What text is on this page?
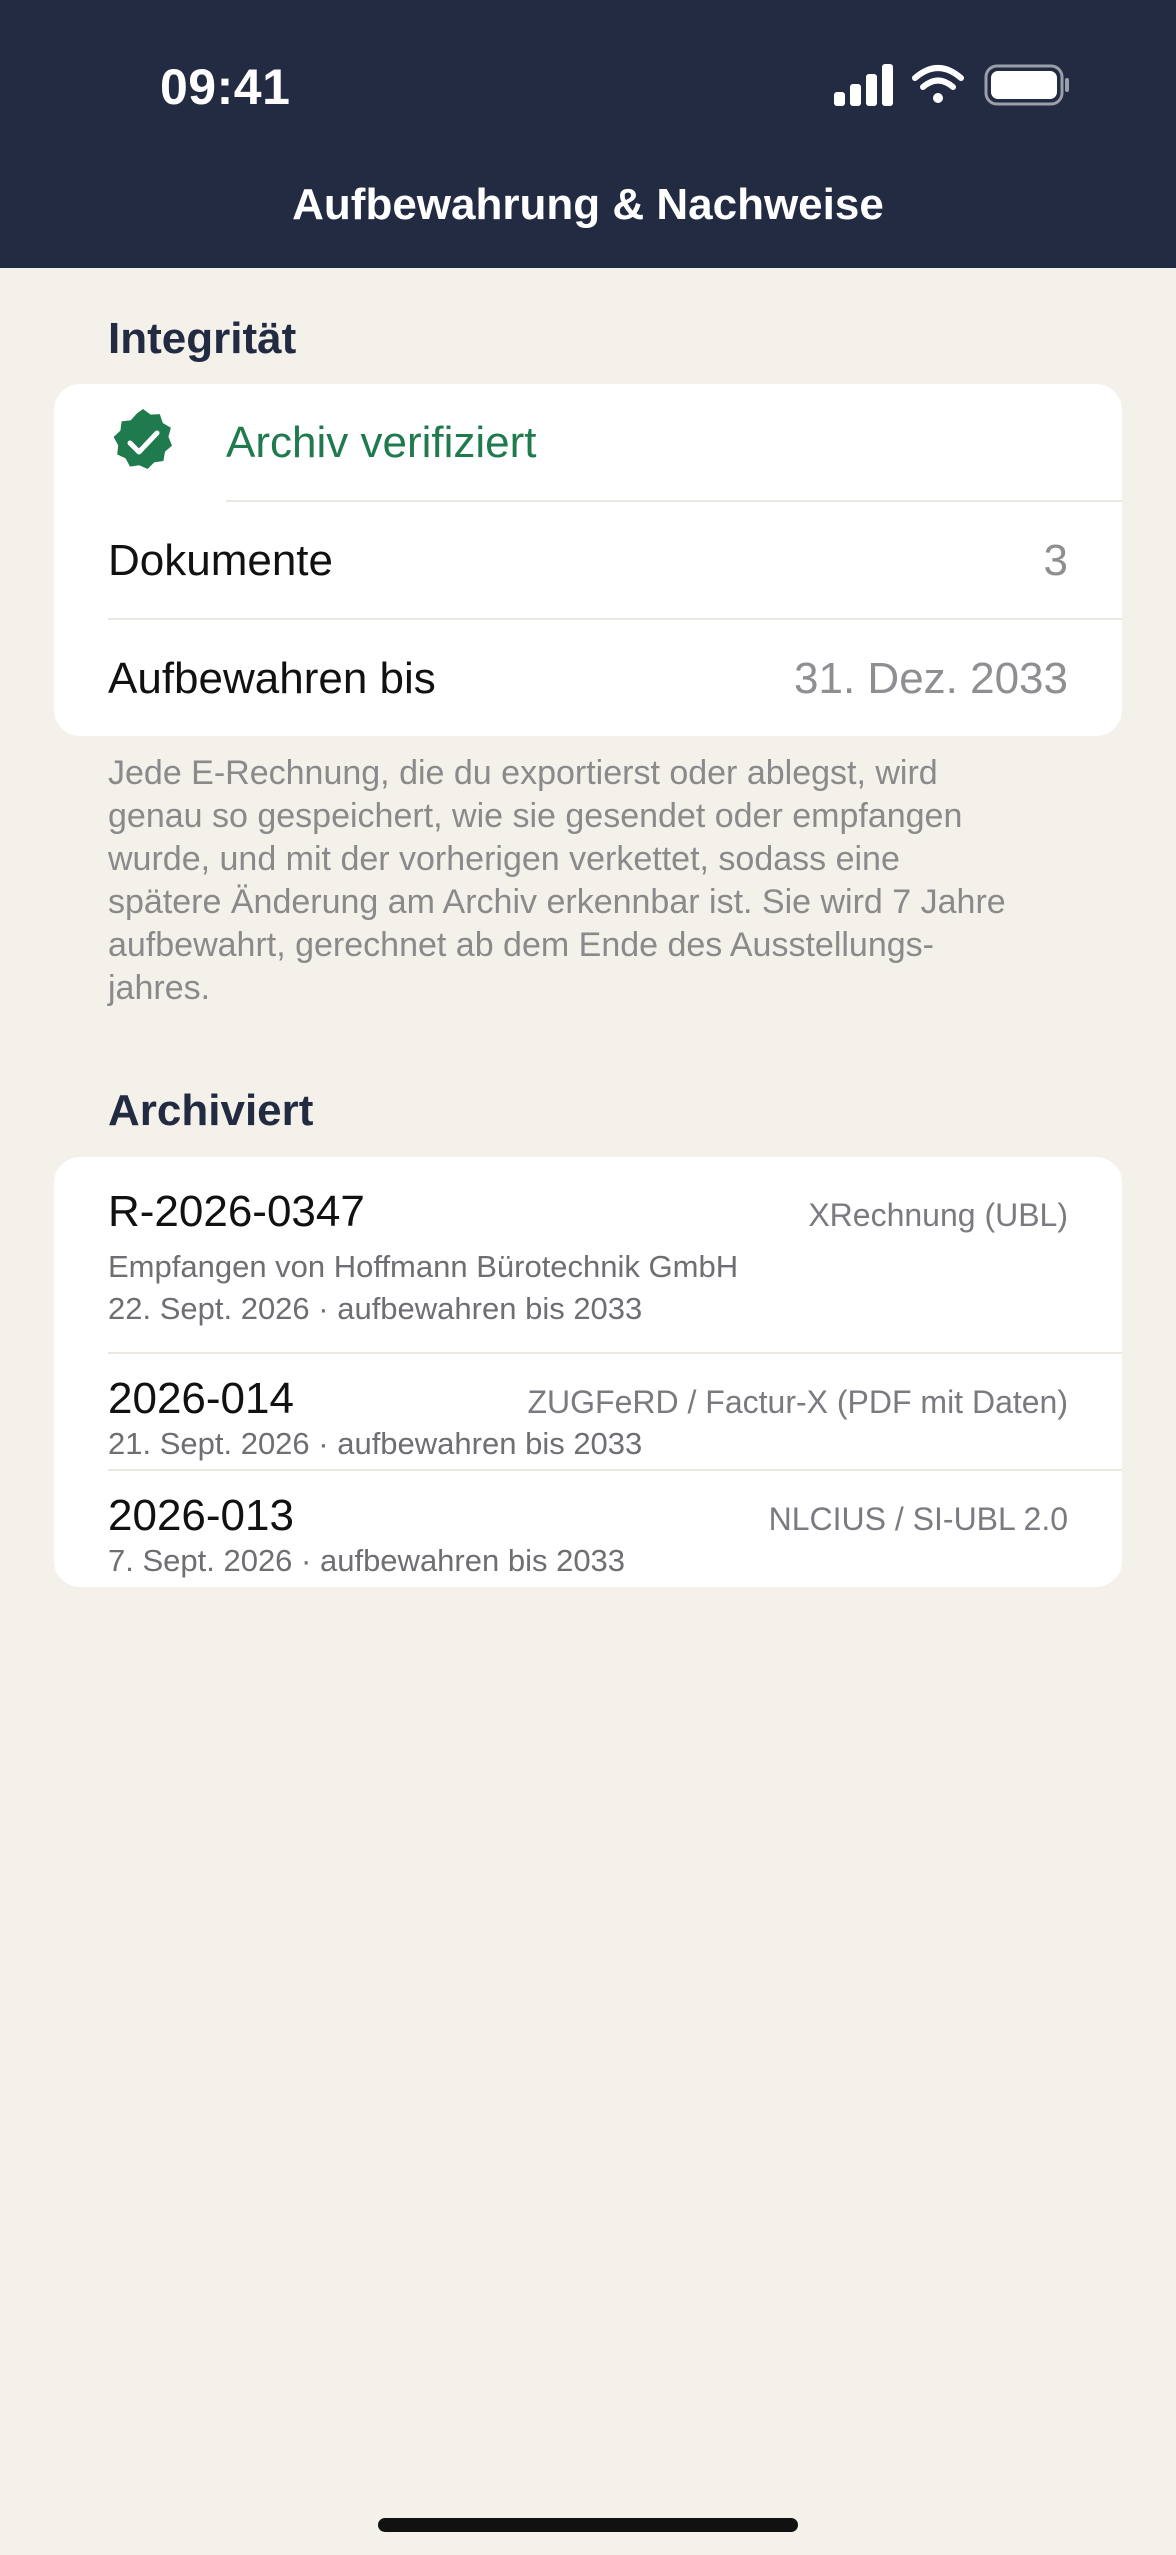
09:41
Aufbewahrung & Nachweise
Integrität
Archiv verifiziert
Dokumente	3
Aufbewahren bis	31. Dez. 2033
Jede E-Rechnung, die du exportierst oder ablegst, wird
genau so gespeichert, wie sie gesendet oder empfangen
wurde, und mit der vorherigen verkettet, sodass eine
spätere Änderung am Archiv erkennbar ist. Sie wird 7 Jahre
aufbewahrt, gerechnet ab dem Ende des Ausstellungs-
jahres.
Archiviert
R-2026-0347	XRechnung (UBL)
Empfangen von Hoffmann Bürotechnik GmbH
22. Sept. 2026 · aufbewahren bis 2033
2026-014	ZUGFeRD / Factur-X (PDF mit Daten)
21. Sept. 2026 · aufbewahren bis 2033
2026-013	NLCIUS / SI-UBL 2.0
7. Sept. 2026 · aufbewahren bis 2033
